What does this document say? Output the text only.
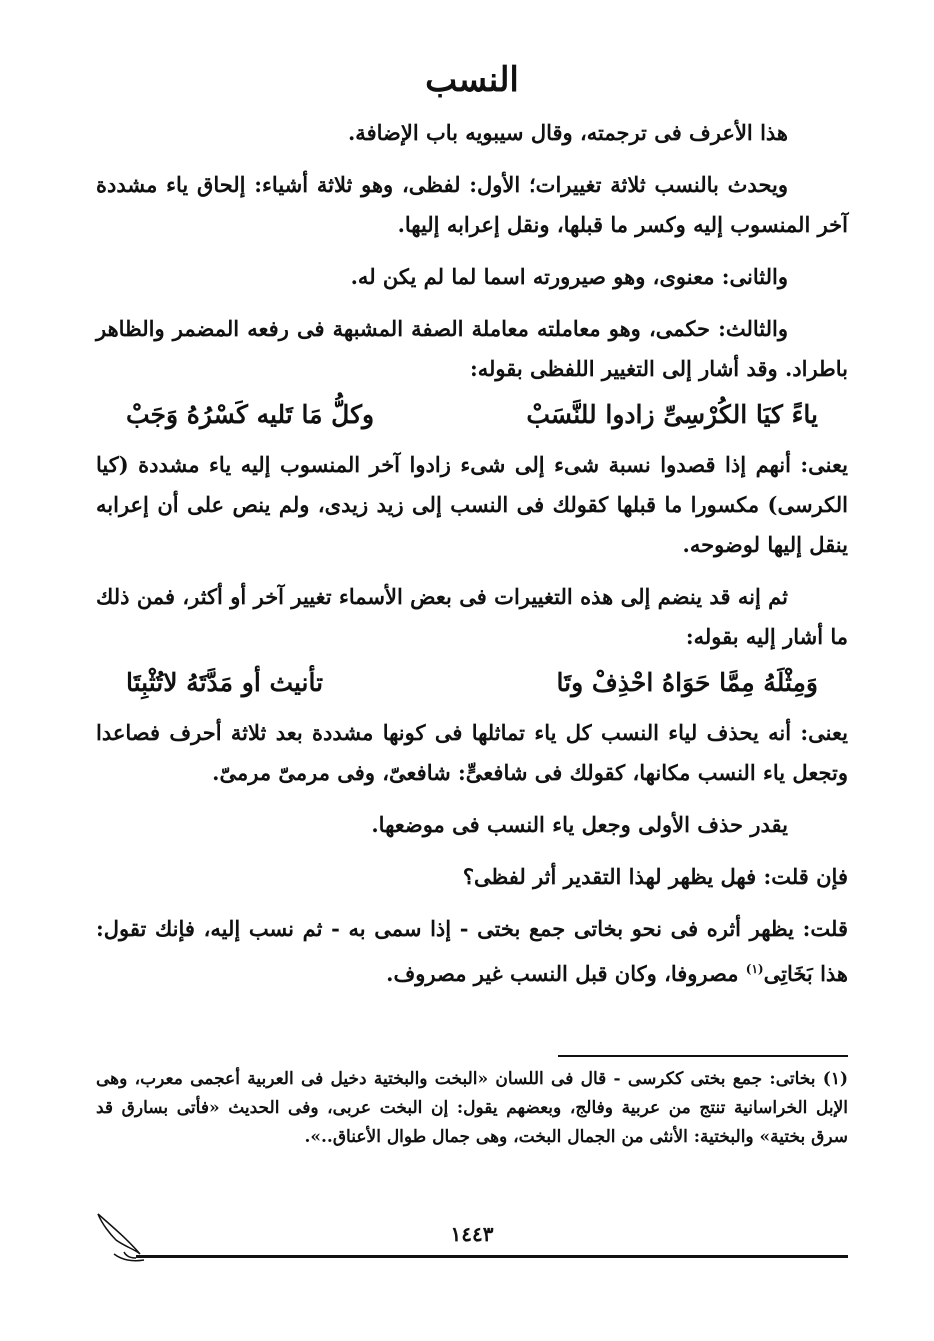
النسب

هذا الأعرف فى ترجمته، وقال سيبويه باب الإضافة.

ويحدث بالنسب ثلاثة تغييرات؛ الأول: لفظى، وهو ثلاثة أشياء: إلحاق ياء مشددة آخر المنسوب إليه وكسر ما قبلها، ونقل إعرابه إليها.

والثانى: معنوى، وهو صيرورته اسما لما لم يكن له.

والثالث: حكمى، وهو معاملته معاملة الصفة المشبهة فى رفعه المضمر والظاهر باطراد. وقد أشار إلى التغيير اللفظى بقوله:

ياءً كيَا الكُرْسِىِّ زادوا للنَّسَبْ
وكلُّ مَا تَليه كَسْرُهُ وَجَبْ

يعنى: أنهم إذا قصدوا نسبة شىء إلى شىء زادوا آخر المنسوب إليه ياء مشددة (كيا الكرسى) مكسورا ما قبلها كقولك فى النسب إلى زيد زيدى، ولم ينص على أن إعرابه ينقل إليها لوضوحه.

ثم إنه قد ينضم إلى هذه التغييرات فى بعض الأسماء تغيير آخر أو أكثر، فمن ذلك ما أشار إليه بقوله:

وَمِثْلَهُ مِمَّا حَوَاهُ احْذِفْ وتَا
تأنيث أو مَدَّتَهُ لاتُثْبِتَا

يعنى: أنه يحذف لياء النسب كل ياء تماثلها فى كونها مشددة بعد ثلاثة أحرف فصاعدا وتجعل ياء النسب مكانها، كقولك فى شافعىٍّ: شافعىّ، وفى مرمىّ مرمىّ.

يقدر حذف الأولى وجعل ياء النسب فى موضعها.

فإن قلت: فهل يظهر لهذا التقدير أثر لفظى؟

قلت: يظهر أثره فى نحو بخاتى جمع بختى - إذا سمى به - ثم نسب إليه، فإنك تقول: هذا بَخَاتِى$^{(١)}$ مصروفا، وكان قبل النسب غير مصروف.

(١) بخاتى: جمع بختى ككرسى - قال فى اللسان «البخت والبختية دخيل فى العربية أعجمى معرب، وهى الإبل الخراسانية تنتج من عربية وفالج، وبعضهم يقول: إن البخت عربى، وفى الحديث «فأتى بسارق قد سرق بختية» والبختية: الأنثى من الجمال البخت، وهى جمال طوال الأعناق..».
١٤٤٣
